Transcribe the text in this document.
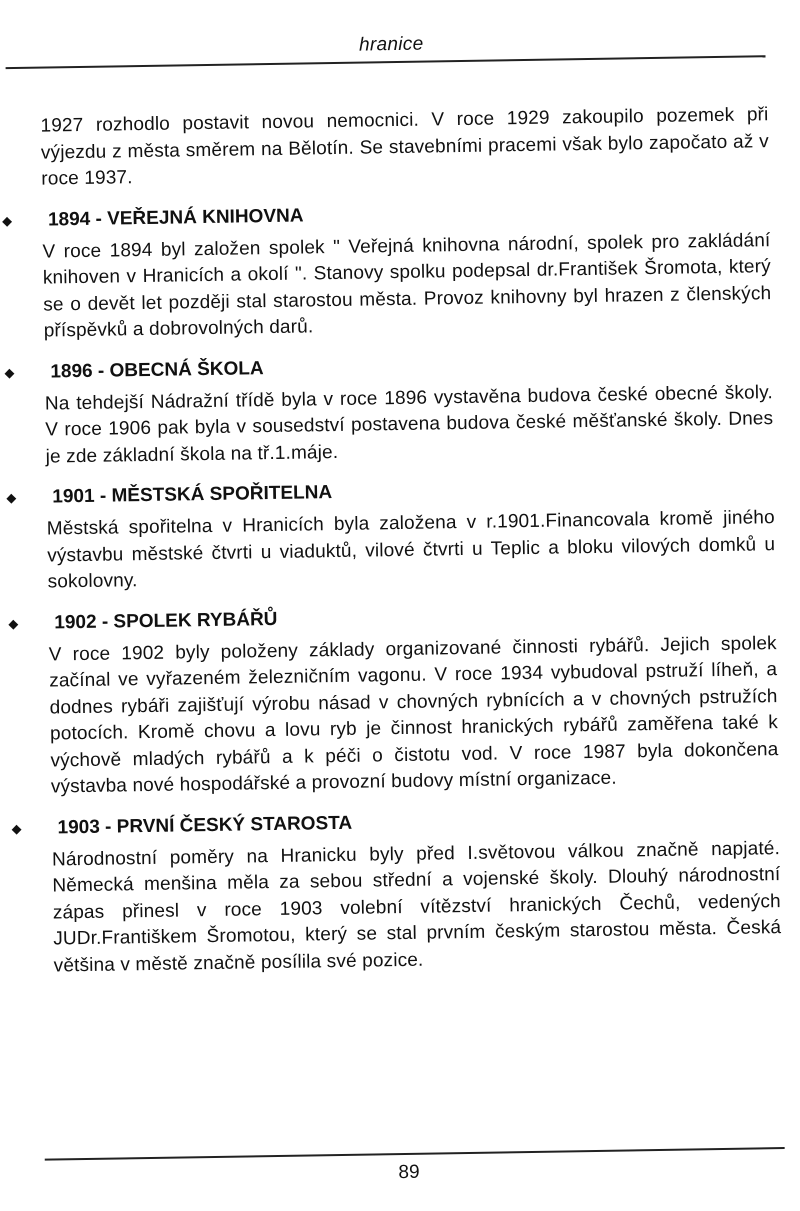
hranice

1927 rozhodlo postavit novou nemocnici. V roce 1929 zakoupilo pozemek při výjezdu z města směrem na Bělotín. Se stavebními pracemi však bylo započato až v roce 1937.

◆ 1894 - VEŘEJNÁ KNIHOVNA

V roce 1894 byl založen spolek " Veřejná knihovna národní, spolek pro zakládání knihoven v Hranicích a okolí ". Stanovy spolku podepsal dr.František Šromota, který se o devět let později stal starostou města. Provoz knihovny byl hrazen z členských příspěvků a dobrovolných darů.

◆ 1896 - OBECNÁ ŠKOLA

Na tehdejší Nádražní třídě byla v roce 1896 vystavěna budova české obecné školy. V roce 1906 pak byla v sousedství postavena budova české měšťanské školy. Dnes je zde základní škola na tř.1.máje.

◆ 1901 - MĚSTSKÁ SPOŘITELNA

Městská spořitelna v Hranicích byla založena v r.1901.Financovala kromě jiného výstavbu městské čtvrti u viaduktů, vilové čtvrti u Teplic a bloku vilových domků u sokolovny.

◆ 1902 - SPOLEK RYBÁŘŮ

V roce 1902 byly položeny základy organizované činnosti rybářů. Jejich spolek začínal ve vyřazeném železničním vagonu. V roce 1934 vybudoval pstruží líheň, a dodnes rybáři zajišťují výrobu násad v chovných rybnících a v chovných pstružích potocích. Kromě chovu a lovu ryb je činnost hranických rybářů zaměřena také k výchově mladých rybářů a k péči o čistotu vod. V roce 1987 byla dokončena výstavba nové hospodářské a provozní budovy místní organizace.

◆ 1903 - PRVNÍ ČESKÝ STAROSTA

Národnostní poměry na Hranicku byly před I.světovou válkou značně napjaté. Německá menšina měla za sebou střední a vojenské školy. Dlouhý národnostní zápas přinesl v roce 1903 volební vítězství hranických Čechů, vedených JUDr.Františkem Šromotou, který se stal prvním českým starostou města. Česká většina v městě značně posílila své pozice.

89
